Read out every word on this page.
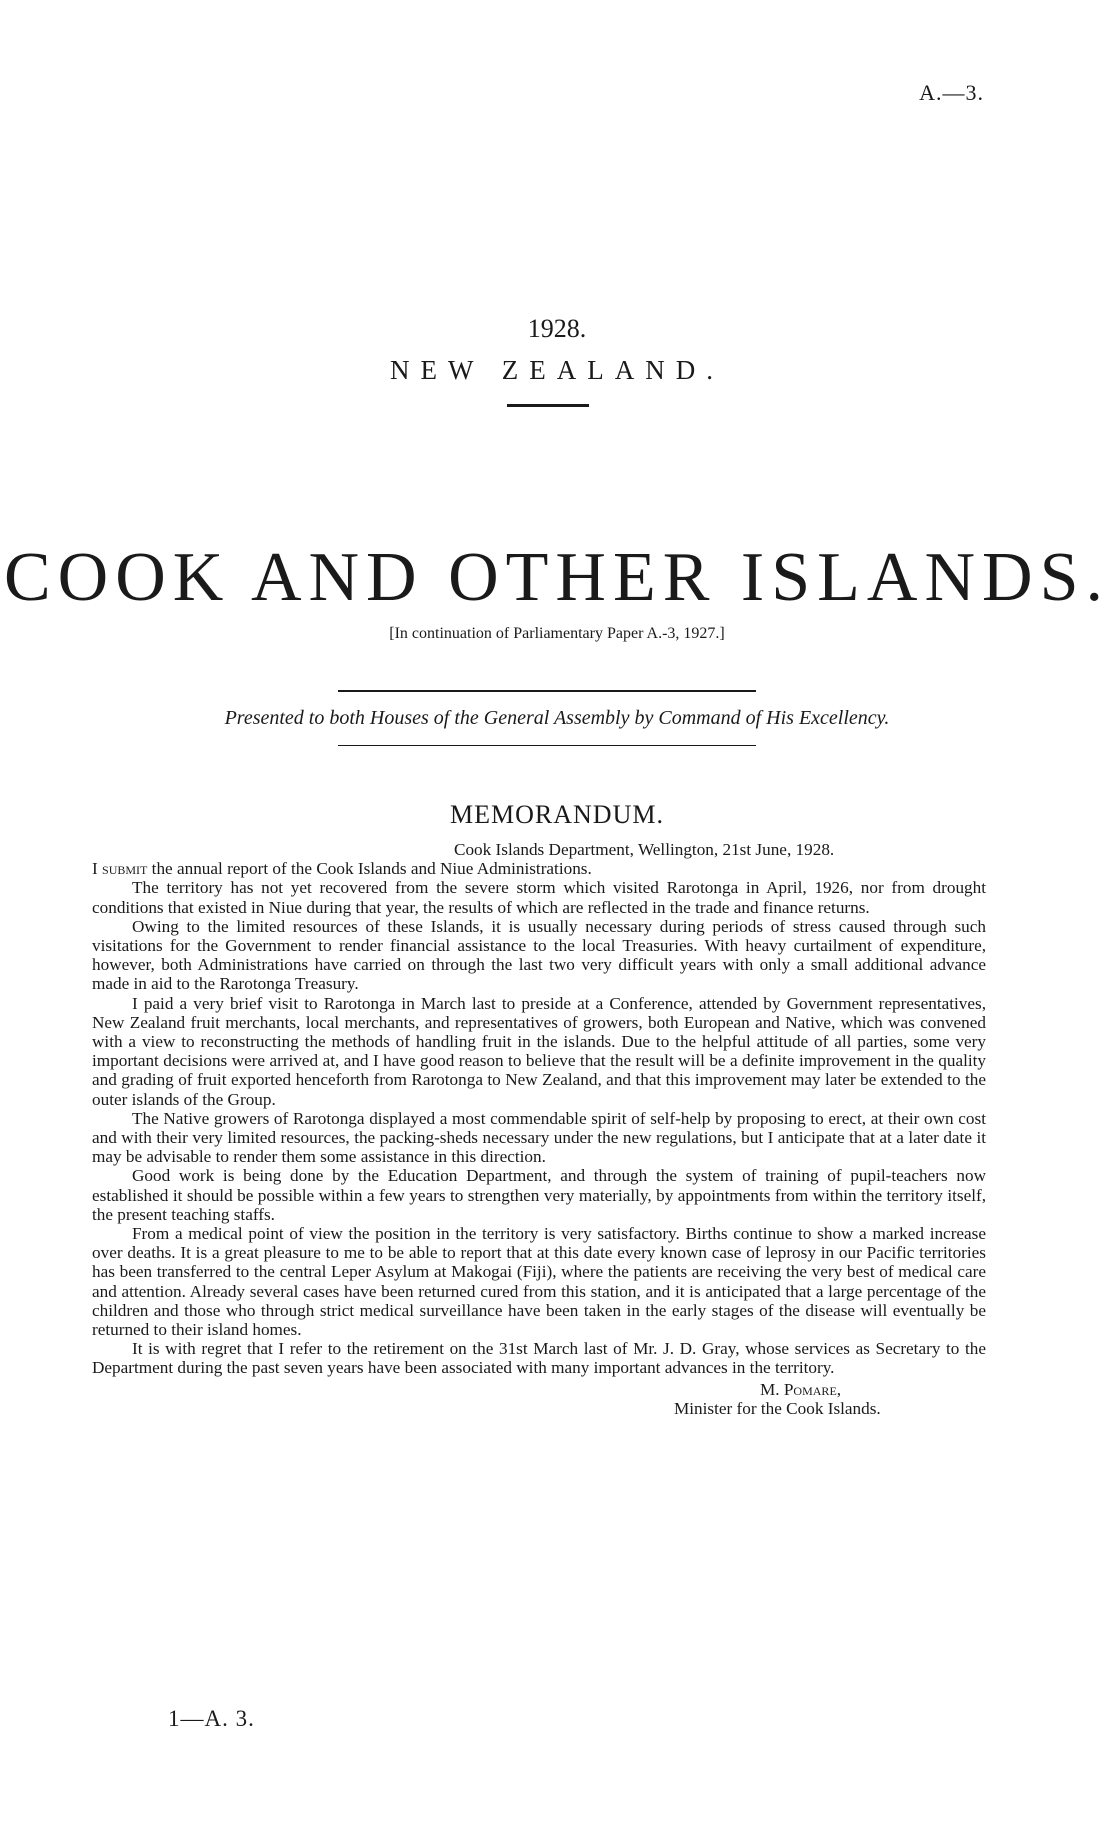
A.—3.
1928.
NEW ZEALAND.
COOK AND OTHER ISLANDS.
[In continuation of Parliamentary Paper A.-3, 1927.]
Presented to both Houses of the General Assembly by Command of His Excellency.
MEMORANDUM.

Cook Islands Department, Wellington, 21st June, 1928.

I submit the annual report of the Cook Islands and Niue Administrations.

The territory has not yet recovered from the severe storm which visited Rarotonga in April, 1926, nor from drought conditions that existed in Niue during that year, the results of which are reflected in the trade and finance returns.

Owing to the limited resources of these Islands, it is usually necessary during periods of stress caused through such visitations for the Government to render financial assistance to the local Treasuries. With heavy curtailment of expenditure, however, both Administrations have carried on through the last two very difficult years with only a small additional advance made in aid to the Rarotonga Treasury.

I paid a very brief visit to Rarotonga in March last to preside at a Conference, attended by Government representatives, New Zealand fruit merchants, local merchants, and representatives of growers, both European and Native, which was convened with a view to reconstructing the methods of handling fruit in the islands. Due to the helpful attitude of all parties, some very important decisions were arrived at, and I have good reason to believe that the result will be a definite improvement in the quality and grading of fruit exported henceforth from Rarotonga to New Zealand, and that this improvement may later be extended to the outer islands of the Group.

The Native growers of Rarotonga displayed a most commendable spirit of self-help by proposing to erect, at their own cost and with their very limited resources, the packing-sheds necessary under the new regulations, but I anticipate that at a later date it may be advisable to render them some assistance in this direction.

Good work is being done by the Education Department, and through the system of training of pupil-teachers now established it should be possible within a few years to strengthen very materially, by appointments from within the territory itself, the present teaching staffs.

From a medical point of view the position in the territory is very satisfactory. Births continue to show a marked increase over deaths. It is a great pleasure to me to be able to report that at this date every known case of leprosy in our Pacific territories has been transferred to the central Leper Asylum at Makogai (Fiji), where the patients are receiving the very best of medical care and attention. Already several cases have been returned cured from this station, and it is anticipated that a large percentage of the children and those who through strict medical surveillance have been taken in the early stages of the disease will eventually be returned to their island homes.

It is with regret that I refer to the retirement on the 31st March last of Mr. J. D. Gray, whose services as Secretary to the Department during the past seven years have been associated with many important advances in the territory.

M. Pomare,

Minister for the Cook Islands.

1—A. 3.
